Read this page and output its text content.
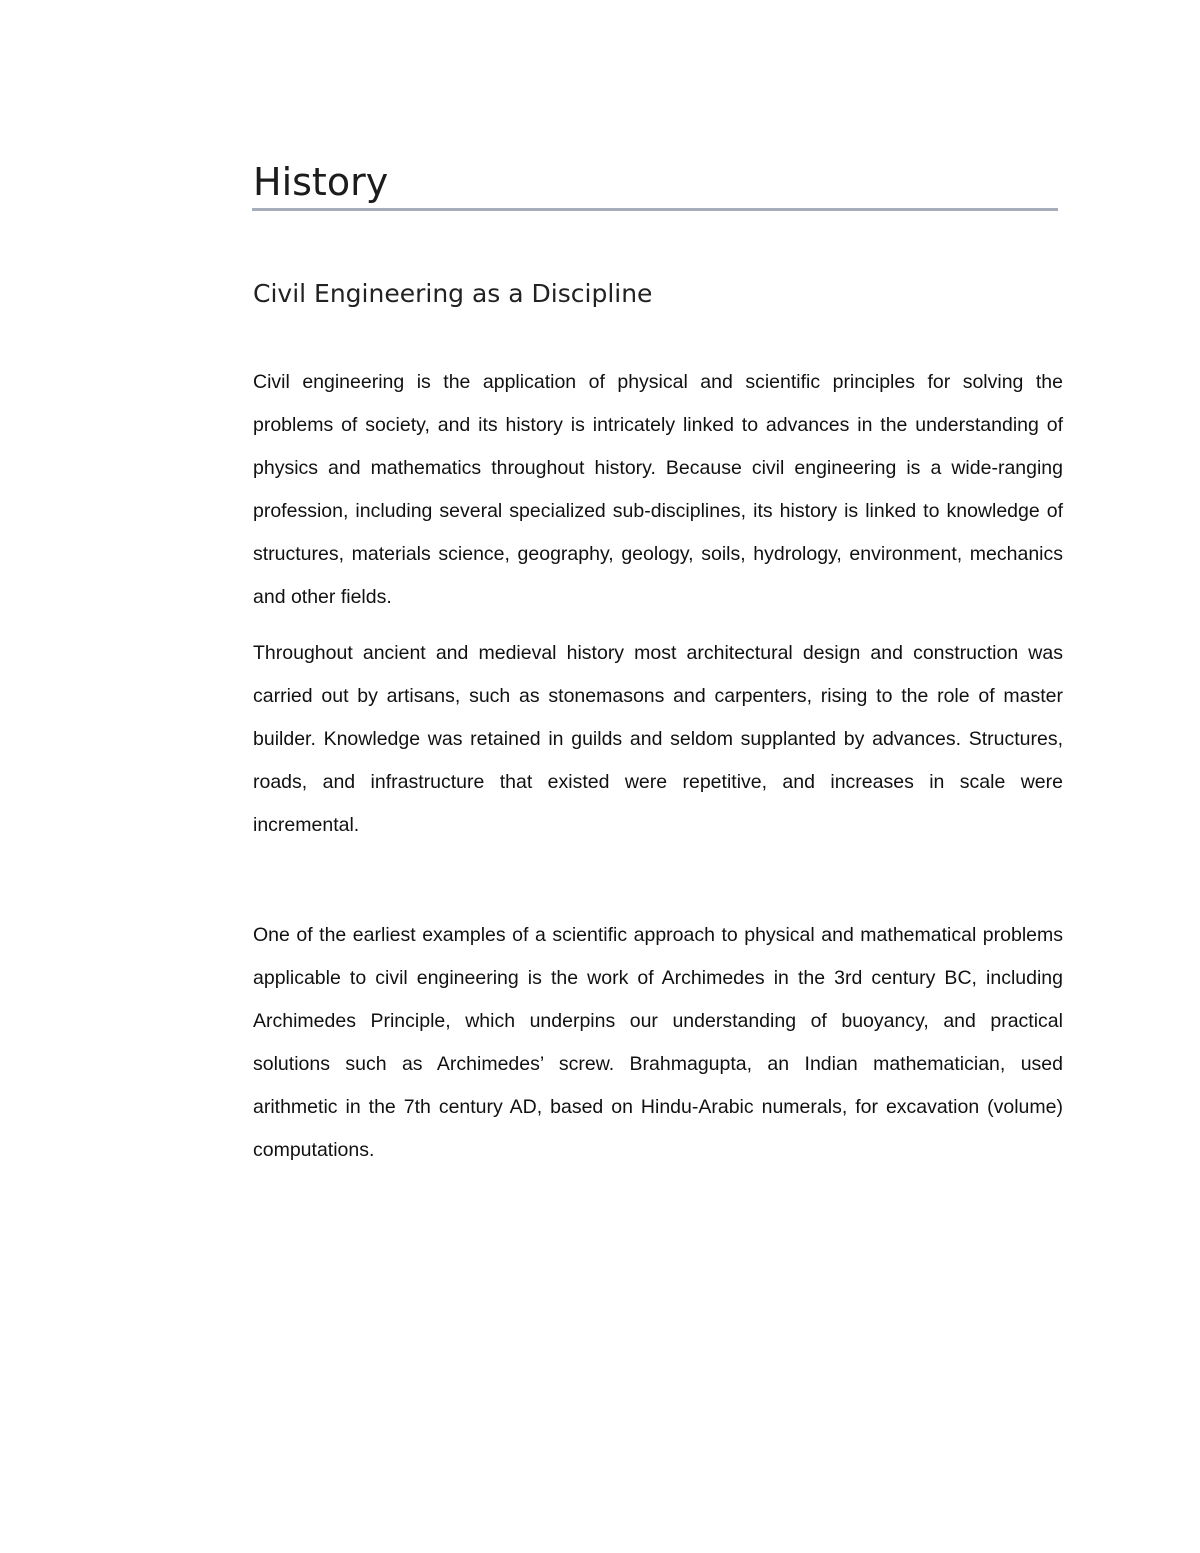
History
Civil Engineering as a Discipline

Civil engineering is the application of physical and scientific principles for solving the problems of society, and its history is intricately linked to advances in the understanding of physics and mathematics throughout history. Because civil engineering is a wide-ranging profession, including several specialized sub-disciplines, its history is linked to knowledge of structures, materials science, geography, geology, soils, hydrology, environment, mechanics and other fields.

Throughout ancient and medieval history most architectural design and construction was carried out by artisans, such as stonemasons and carpenters, rising to the role of master builder. Knowledge was retained in guilds and seldom supplanted by advances. Structures, roads, and infrastructure that existed were repetitive, and increases in scale were incremental.

One of the earliest examples of a scientific approach to physical and mathematical problems applicable to civil engineering is the work of Archimedes in the 3rd century BC, including Archimedes Principle, which underpins our understanding of buoyancy, and practical solutions such as Archimedes’ screw. Brahmagupta, an Indian mathematician, used arithmetic in the 7th century AD, based on Hindu-Arabic numerals, for excavation (volume) computations.
